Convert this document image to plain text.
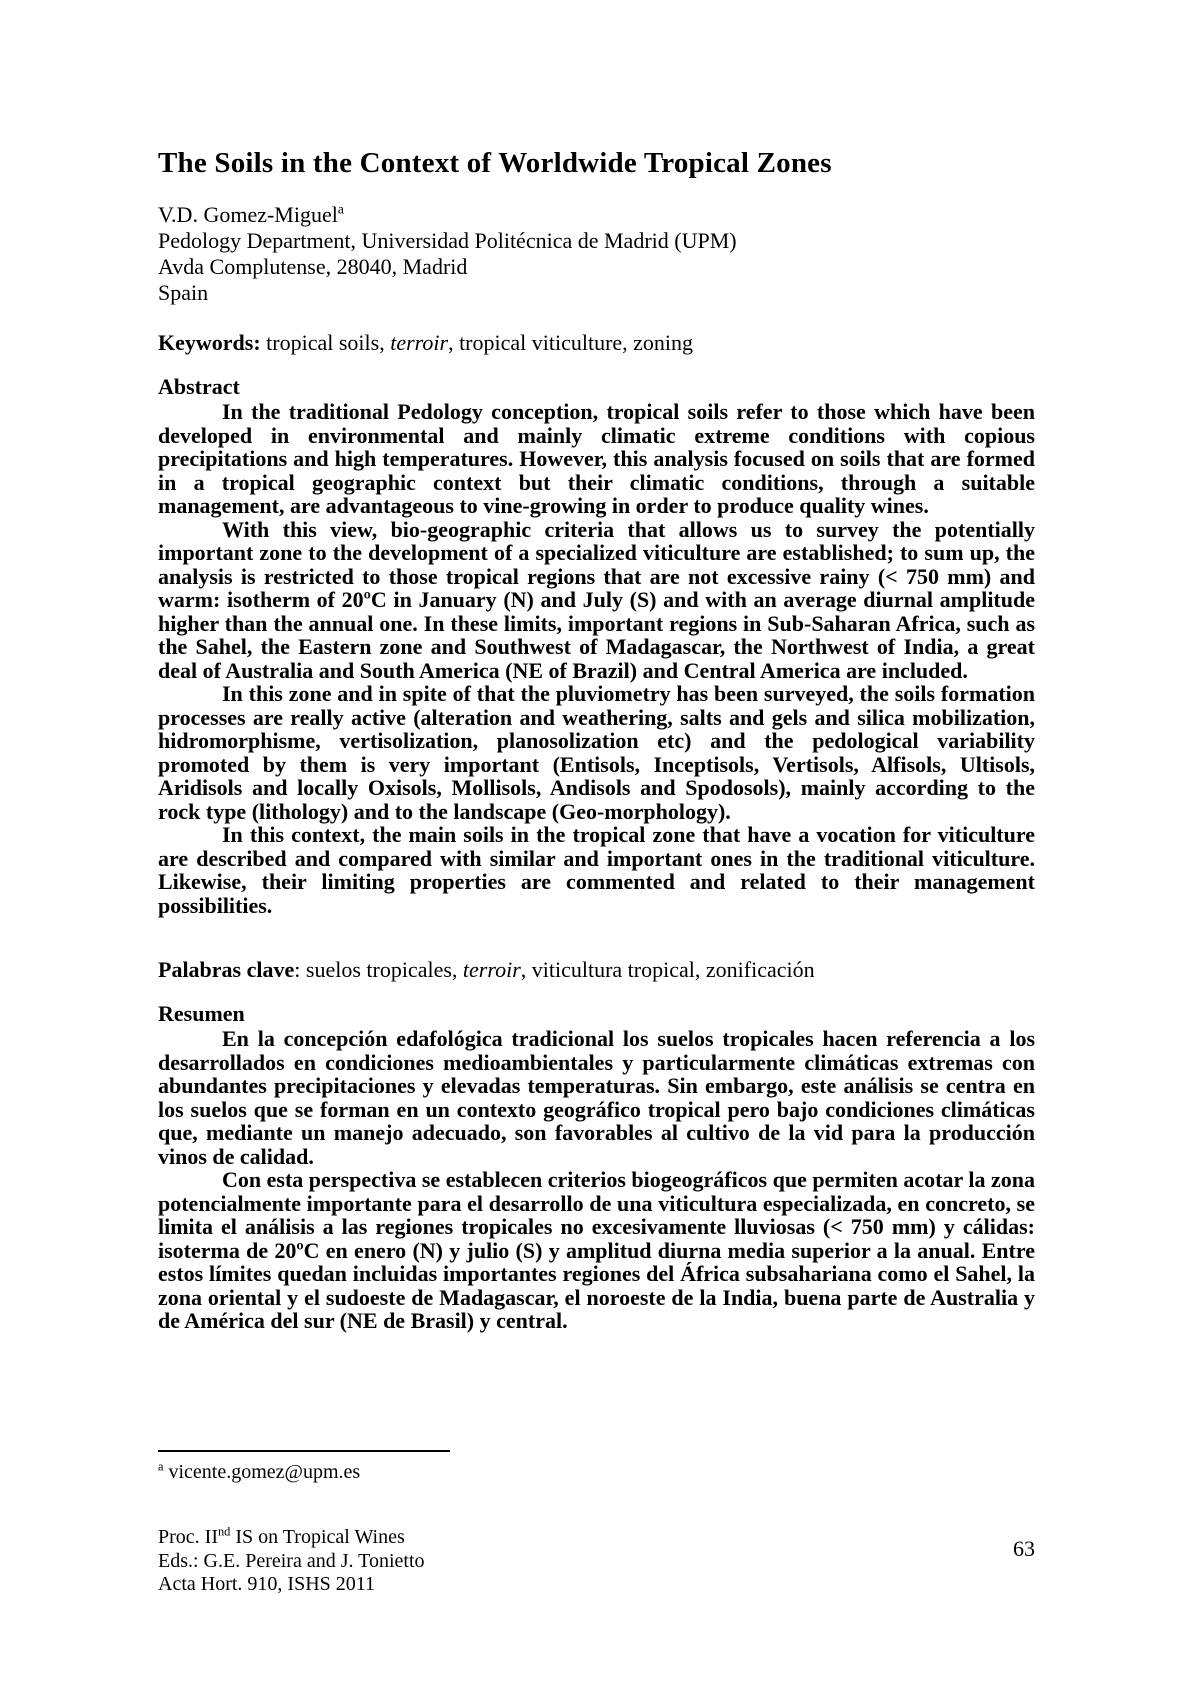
The Soils in the Context of Worldwide Tropical Zones

V.D. Gomez-Miguel$^a$

Pedology Department, Universidad Politécnica de Madrid (UPM)

Avda Complutense, 28040, Madrid

Spain

Keywords: tropical soils, terroir, tropical viticulture, zoning

Abstract

In the traditional Pedology conception, tropical soils refer to those which have been developed in environmental and mainly climatic extreme conditions with copious precipitations and high temperatures. However, this analysis focused on soils that are formed in a tropical geographic context but their climatic conditions, through a suitable management, are advantageous to vine-growing in order to produce quality wines.

With this view, bio-geographic criteria that allows us to survey the potentially important zone to the development of a specialized viticulture are established; to sum up, the analysis is restricted to those tropical regions that are not excessive rainy (< 750 mm) and warm: isotherm of 20ºC in January (N) and July (S) and with an average diurnal amplitude higher than the annual one. In these limits, important regions in Sub-Saharan Africa, such as the Sahel, the Eastern zone and Southwest of Madagascar, the Northwest of India, a great deal of Australia and South America (NE of Brazil) and Central America are included.

In this zone and in spite of that the pluviometry has been surveyed, the soils formation processes are really active (alteration and weathering, salts and gels and silica mobilization, hidromorphisme, vertisolization, planosolization etc) and the pedological variability promoted by them is very important (Entisols, Inceptisols, Vertisols, Alfisols, Ultisols, Aridisols and locally Oxisols, Mollisols, Andisols and Spodosols), mainly according to the rock type (lithology) and to the landscape (Geo-morphology).

In this context, the main soils in the tropical zone that have a vocation for viticulture are described and compared with similar and important ones in the traditional viticulture. Likewise, their limiting properties are commented and related to their management possibilities.

Palabras clave: suelos tropicales, terroir, viticultura tropical, zonificación

Resumen

En la concepción edafológica tradicional los suelos tropicales hacen referencia a los desarrollados en condiciones medioambientales y particularmente climáticas extremas con abundantes precipitaciones y elevadas temperaturas. Sin embargo, este análisis se centra en los suelos que se forman en un contexto geográfico tropical pero bajo condiciones climáticas que, mediante un manejo adecuado, son favorables al cultivo de la vid para la producción vinos de calidad.

Con esta perspectiva se establecen criterios biogeográficos que permiten acotar la zona potencialmente importante para el desarrollo de una viticultura especializada, en concreto, se limita el análisis a las regiones tropicales no excesivamente lluviosas (< 750 mm) y cálidas: isoterma de 20ºC en enero (N) y julio (S) y amplitud diurna media superior a la anual. Entre estos límites quedan incluidas importantes regiones del África subsahariana como el Sahel, la zona oriental y el sudoeste de Madagascar, el noroeste de la India, buena parte de Australia y de América del sur (NE de Brasil) y central.

$^a$ vicente.gomez@upm.es

Proc. IInd IS on Tropical Wines

Eds.: G.E. Pereira and J. Tonietto

Acta Hort. 910, ISHS 2011

63
